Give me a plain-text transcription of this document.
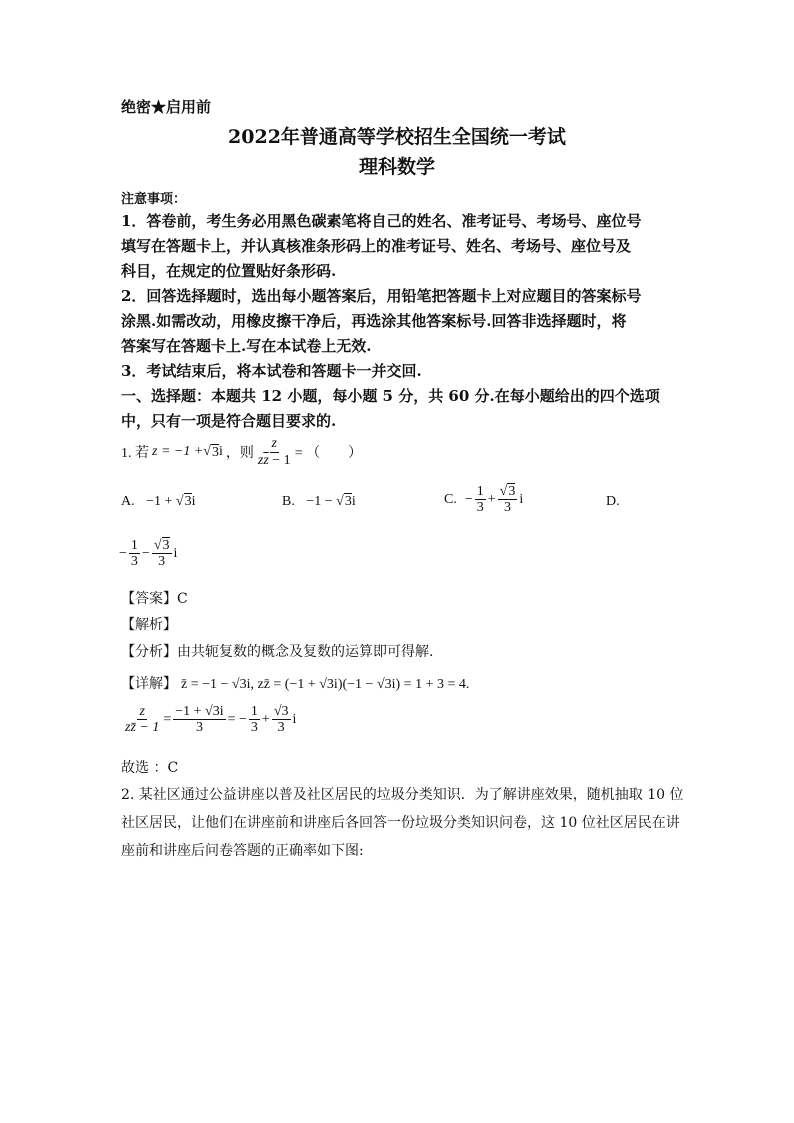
绝密★启用前
2022年普通高等学校招生全国统一考试
理科数学
注意事项：
1．答卷前，考生务必用黑色碳素笔将自己的姓名、准考证号、考场号、座位号
填写在答题卡上，并认真核准条形码上的准考证号、姓名、考场号、座位号及
科目，在规定的位置贴好条形码.
2．回答选择题时，选出每小题答案后，用铅笔把答题卡上对应题目的答案标号
涂黑.如需改动，用橡皮擦干净后，再选涂其他答案标号.回答非选择题时，将
答案写在答题卡上.写在本试卷上无效.
3．考试结束后，将本试卷和答题卡一并交回.
一、选择题：本题共 12 小题，每小题 5 分，共 60 分.在每小题给出的四个选项
中，只有一项是符合题目要求的.
1. 若 z = −1 + √ 3 i ，则 $\frac{z}{z\overline{z} - 1}$ = （　　）
A. −1 + √3i	B. −1 − √3i	C. − $\frac{1}{3} + \frac{√3}{3}$ i	D.
− $\frac{1}{3} - \frac{√3}{3}$ i
【答案】C
【解析】
【分析】由共轭复数的概念及复数的运算即可得解.
【详解】 z̄ = −1 − √3i, zz̄ = (−1 + √3i)(−1 − √3i) = 1 + 3 = 4.
$\frac{z}{zz̄ - 1} = \frac{-1 + √3i}{3}$ = − $\frac{1}{3} + \frac{√3}{3}$ i
故选 ：C
2. 某社区通过公益讲座以普及社区居民的垃圾分类知识．为了解讲座效果，随机抽取 10 位
社区居民，让他们在讲座前和讲座后各回答一份垃圾分类知识问卷，这 10 位社区居民在讲
座前和讲座后问卷答题的正确率如下图:
